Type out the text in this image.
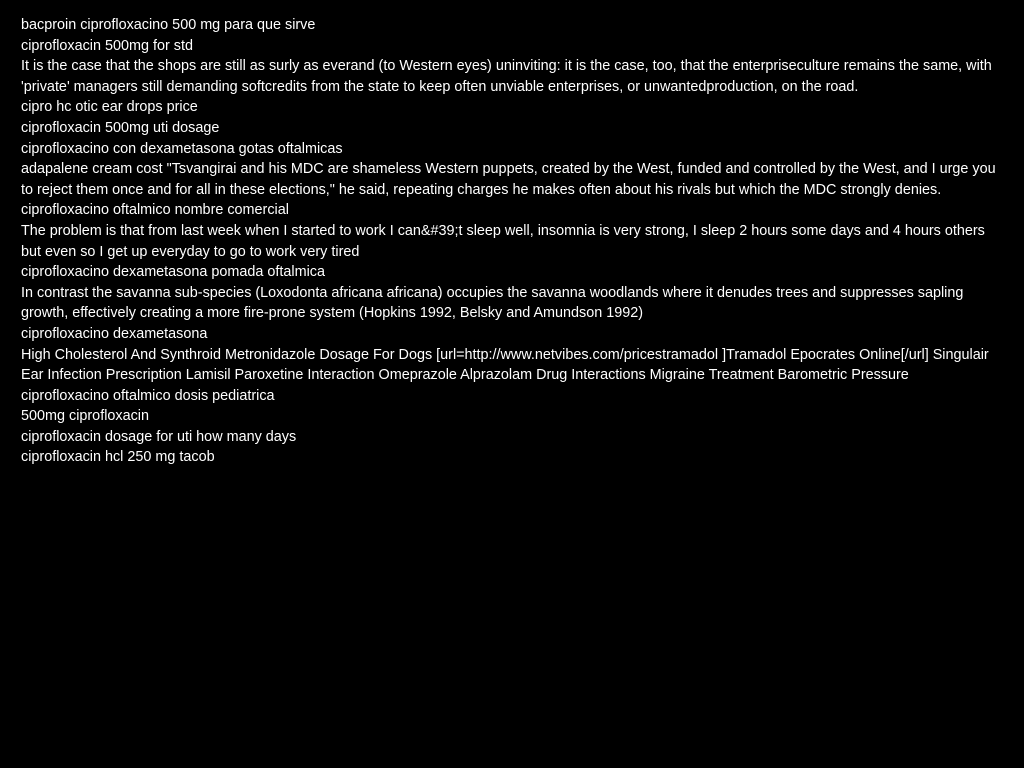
bacproin ciprofloxacino 500 mg para que sirve

ciprofloxacin 500mg for std

It is the case that the shops are still as surly as everand (to Western eyes) uninviting: it is the case, too, that the enterpriseculture remains the same, with 'private' managers still demanding softcredits from the state to keep often unviable enterprises, or unwantedproduction, on the road.

cipro hc otic ear drops price

ciprofloxacin 500mg uti dosage

ciprofloxacino con dexametasona gotas oftalmicas

adapalene cream cost "Tsvangirai and his MDC are shameless Western puppets, created by the West, funded and controlled by the West, and I urge you to reject them once and for all in these elections," he said, repeating charges he makes often about his rivals but which the MDC strongly denies.

ciprofloxacino oftalmico nombre comercial

The problem is that from last week when I started to work I can&#39;t sleep well, insomnia is very strong, I sleep 2 hours some days and 4 hours others but even so I get up everyday to go to work very tired

ciprofloxacino dexametasona pomada oftalmica

In contrast the savanna sub-species (Loxodonta africana africana) occupies the savanna woodlands where it denudes trees and suppresses sapling growth, effectively creating a more fire-prone system (Hopkins 1992, Belsky and Amundson 1992)

ciprofloxacino dexametasona

High Cholesterol And Synthroid Metronidazole Dosage For Dogs [url=http://www.netvibes.com/pricestramadol ]Tramadol Epocrates Online[/url] Singulair Ear Infection Prescription Lamisil Paroxetine Interaction Omeprazole Alprazolam Drug Interactions Migraine Treatment Barometric Pressure

ciprofloxacino oftalmico dosis pediatrica

500mg ciprofloxacin

ciprofloxacin dosage for uti how many days

ciprofloxacin hcl 250 mg tacob
